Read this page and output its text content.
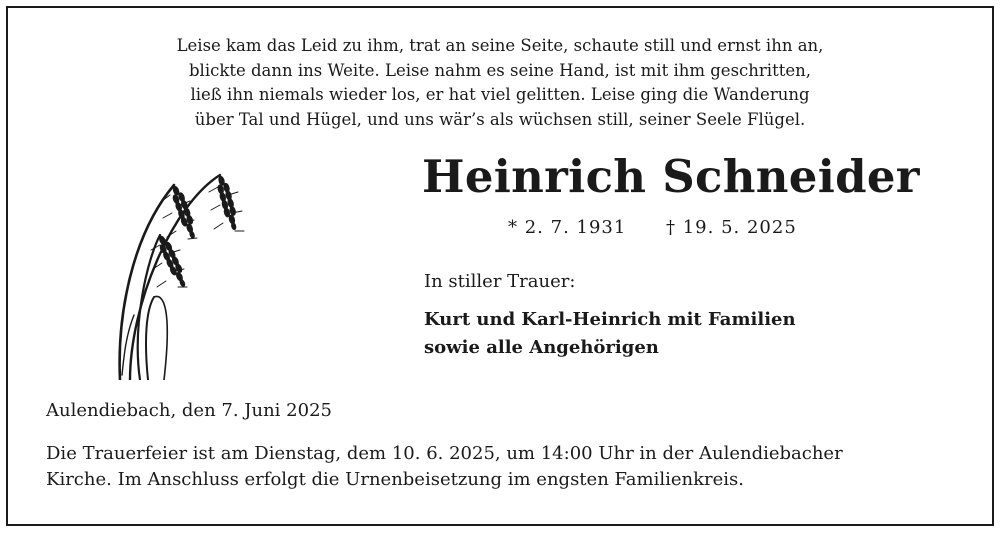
Leise kam das Leid zu ihm, trat an seine Seite, schaute still und ernst ihn an,
blickte dann ins Weite. Leise nahm es seine Hand, ist mit ihm geschritten,
ließ ihn niemals wieder los, er hat viel gelitten. Leise ging die Wanderung
über Tal und Hügel, und uns wär’s als wüchsen still, seiner Seele Flügel.
Heinrich Schneider
* 2. 7. 1931 † 19. 5. 2025
In stiller Trauer:
Kurt und Karl-Heinrich mit Familien
sowie alle Angehörigen
Aulendiebach, den 7. Juni 2025
Die Trauerfeier ist am Dienstag, dem 10. 6. 2025, um 14:00 Uhr in der Aulendiebacher
Kirche. Im Anschluss erfolgt die Urnenbeisetzung im engsten Familienkreis.
